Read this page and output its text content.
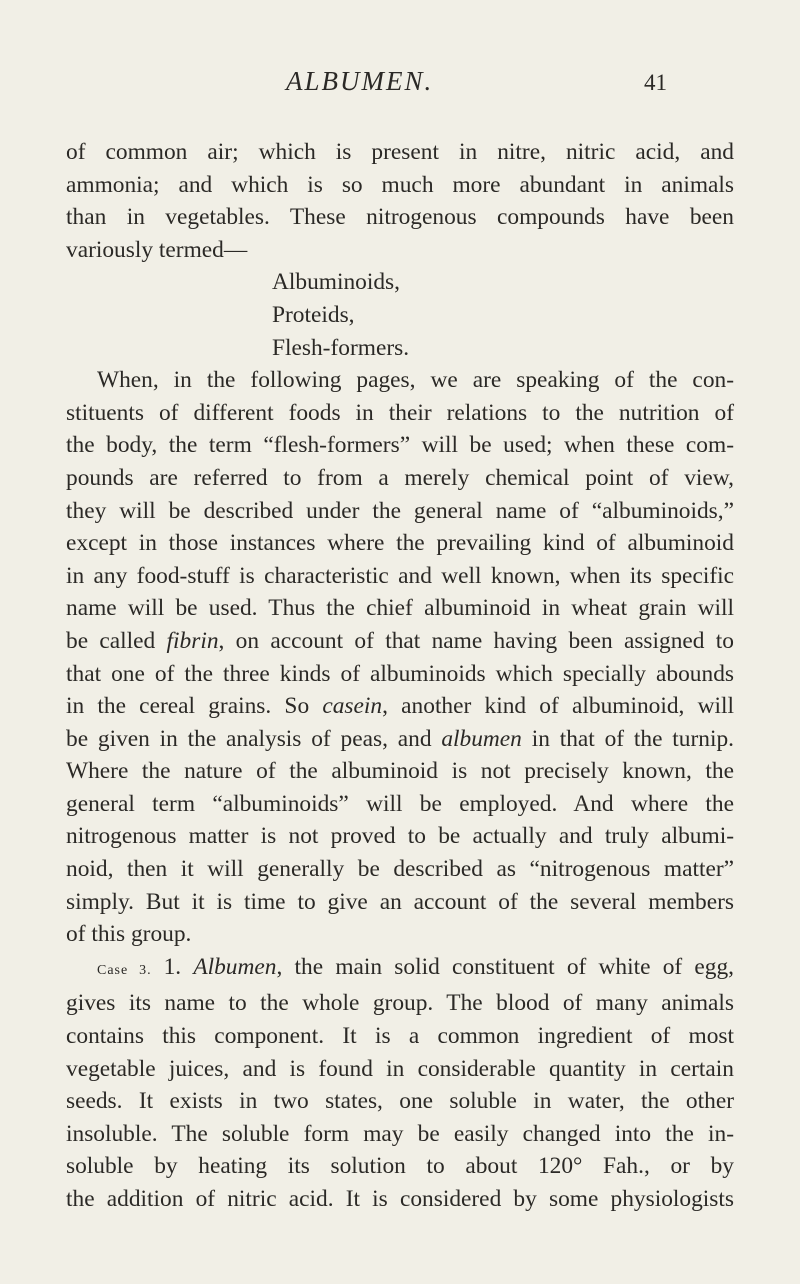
ALBUMEN.	41
of common air; which is present in nitre, nitric acid, and
ammonia; and which is so much more abundant in animals
than in vegetables. These nitrogenous compounds have been
variously termed—
Albuminoids,
Proteids,
Flesh-formers.
When, in the following pages, we are speaking of the con-
stituents of different foods in their relations to the nutrition of
the body, the term “flesh-formers” will be used; when these com-
pounds are referred to from a merely chemical point of view,
they will be described under the general name of “albuminoids,”
except in those instances where the prevailing kind of albuminoid
in any food-stuff is characteristic and well known, when its specific
name will be used. Thus the chief albuminoid in wheat grain will
be called fibrin, on account of that name having been assigned to
that one of the three kinds of albuminoids which specially abounds
in the cereal grains. So casein, another kind of albuminoid, will
be given in the analysis of peas, and albumen in that of the turnip.
Where the nature of the albuminoid is not precisely known, the
general term “albuminoids” will be employed. And where the
nitrogenous matter is not proved to be actually and truly albumi-
noid, then it will generally be described as “nitrogenous matter”
simply. But it is time to give an account of the several members
of this group.
Case 3. 1. Albumen, the main solid constituent of white of egg,
gives its name to the whole group. The blood of many animals
contains this component. It is a common ingredient of most
vegetable juices, and is found in considerable quantity in certain
seeds. It exists in two states, one soluble in water, the other
insoluble. The soluble form may be easily changed into the in-
soluble by heating its solution to about 120° Fah., or by
the addition of nitric acid. It is considered by some physiologists
